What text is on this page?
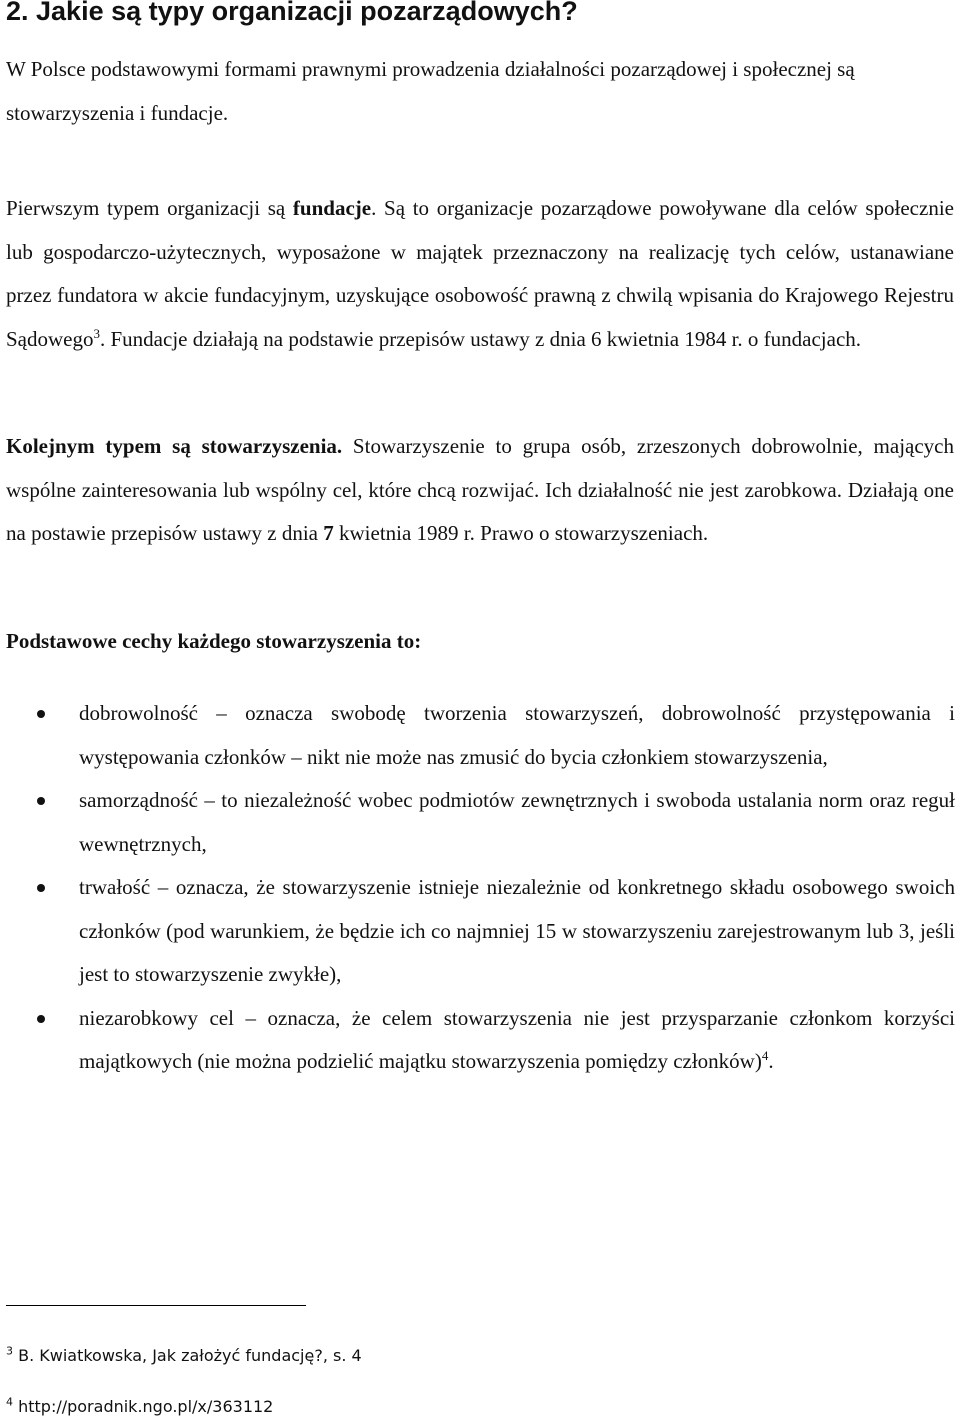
2. Jakie są typy organizacji pozarządowych?

W Polsce podstawowymi formami prawnymi prowadzenia działalności pozarządowej i społecznej są stowarzyszenia i fundacje.

Pierwszym typem organizacji są fundacje. Są to organizacje pozarządowe powoływane dla celów społecznie lub gospodarczo-użytecznych, wyposażone w majątek przeznaczony na realizację tych celów, ustanawiane przez fundatora w akcie fundacyjnym, uzyskujące osobowość prawną z chwilą wpisania do Krajowego Rejestru Sądowego$^3$. Fundacje działają na podstawie przepisów ustawy z dnia 6 kwietnia 1984 r. o fundacjach.

Kolejnym typem są stowarzyszenia. Stowarzyszenie to grupa osób, zrzeszonych dobrowolnie, mających wspólne zainteresowania lub wspólny cel, które chcą rozwijać. Ich działalność nie jest zarobkowa. Działają one na postawie przepisów ustawy z dnia 7 kwietnia 1989 r. Prawo o stowarzyszeniach.

Podstawowe cechy każdego stowarzyszenia to:

dobrowolność – oznacza swobodę tworzenia stowarzyszeń, dobrowolność przystępowania i występowania członków – nikt nie może nas zmusić do bycia członkiem stowarzyszenia,
samorządność – to niezależność wobec podmiotów zewnętrznych i swoboda ustalania norm oraz reguł wewnętrznych,
trwałość – oznacza, że stowarzyszenie istnieje niezależnie od konkretnego składu osobowego swoich członków (pod warunkiem, że będzie ich co najmniej 15 w stowarzyszeniu zarejestrowanym lub 3, jeśli jest to stowarzyszenie zwykłe),
niezarobkowy cel – oznacza, że celem stowarzyszenia nie jest przysparzanie członkom korzyści majątkowych (nie można podzielić majątku stowarzyszenia pomiędzy członków)$^4$.

$^3$ B. Kwiatkowska, Jak założyć fundację?, s. 4

$^4$ http://poradnik.ngo.pl/x/363112
